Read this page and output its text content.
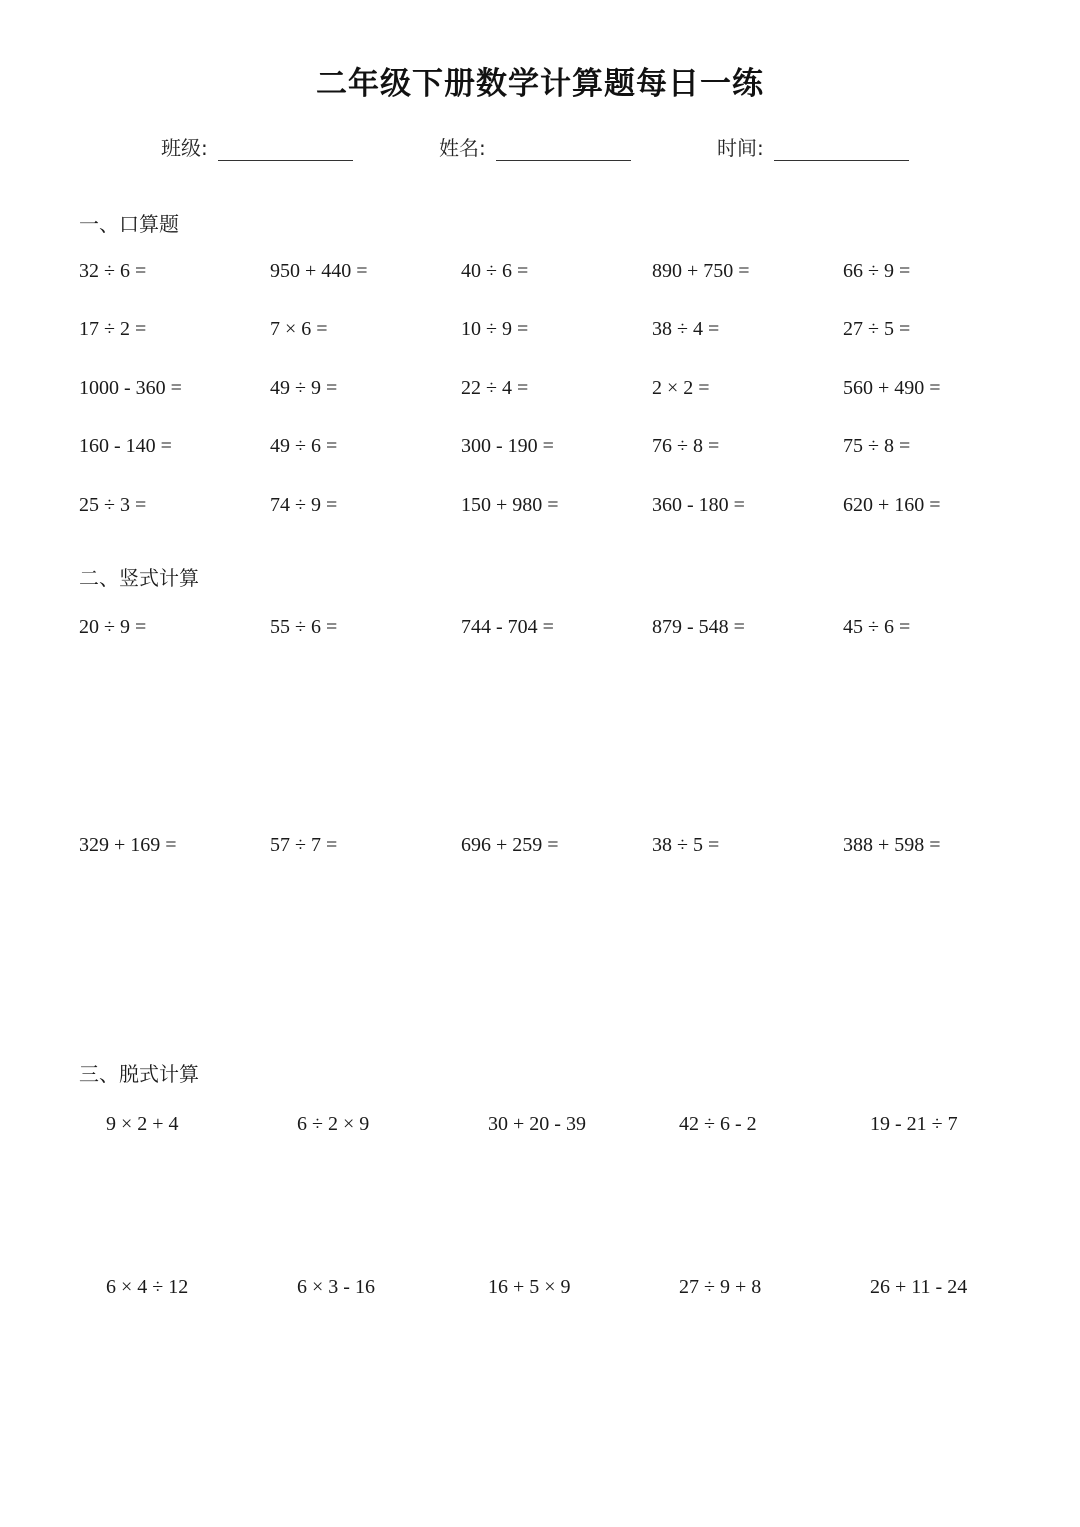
二年级下册数学计算题每日一练
班级:	姓名:	时间:
一、口算题
32 ÷ 6 =	950 + 440 =	40 ÷ 6 =	890 + 750 =	66 ÷ 9 =
17 ÷ 2 =	7 × 6 =	10 ÷ 9 =	38 ÷ 4 =	27 ÷ 5 =
1000 - 360 =	49 ÷ 9 =	22 ÷ 4 =	2 × 2 =	560 + 490 =
160 - 140 =	49 ÷ 6 =	300 - 190 =	76 ÷ 8 =	75 ÷ 8 =
25 ÷ 3 =	74 ÷ 9 =	150 + 980 =	360 - 180 =	620 + 160 =
二、竖式计算
20 ÷ 9 =	55 ÷ 6 =	744 - 704 =	879 - 548 =	45 ÷ 6 =
329 + 169 =	57 ÷ 7 =	696 + 259 =	38 ÷ 5 =	388 + 598 =
三、脱式计算
9 × 2 + 4	6 ÷ 2 × 9	30 + 20 - 39	42 ÷ 6 - 2	19 - 21 ÷ 7
6 × 4 ÷ 12	6 × 3 - 16	16 + 5 × 9	27 ÷ 9 + 8	26 + 11 - 24
